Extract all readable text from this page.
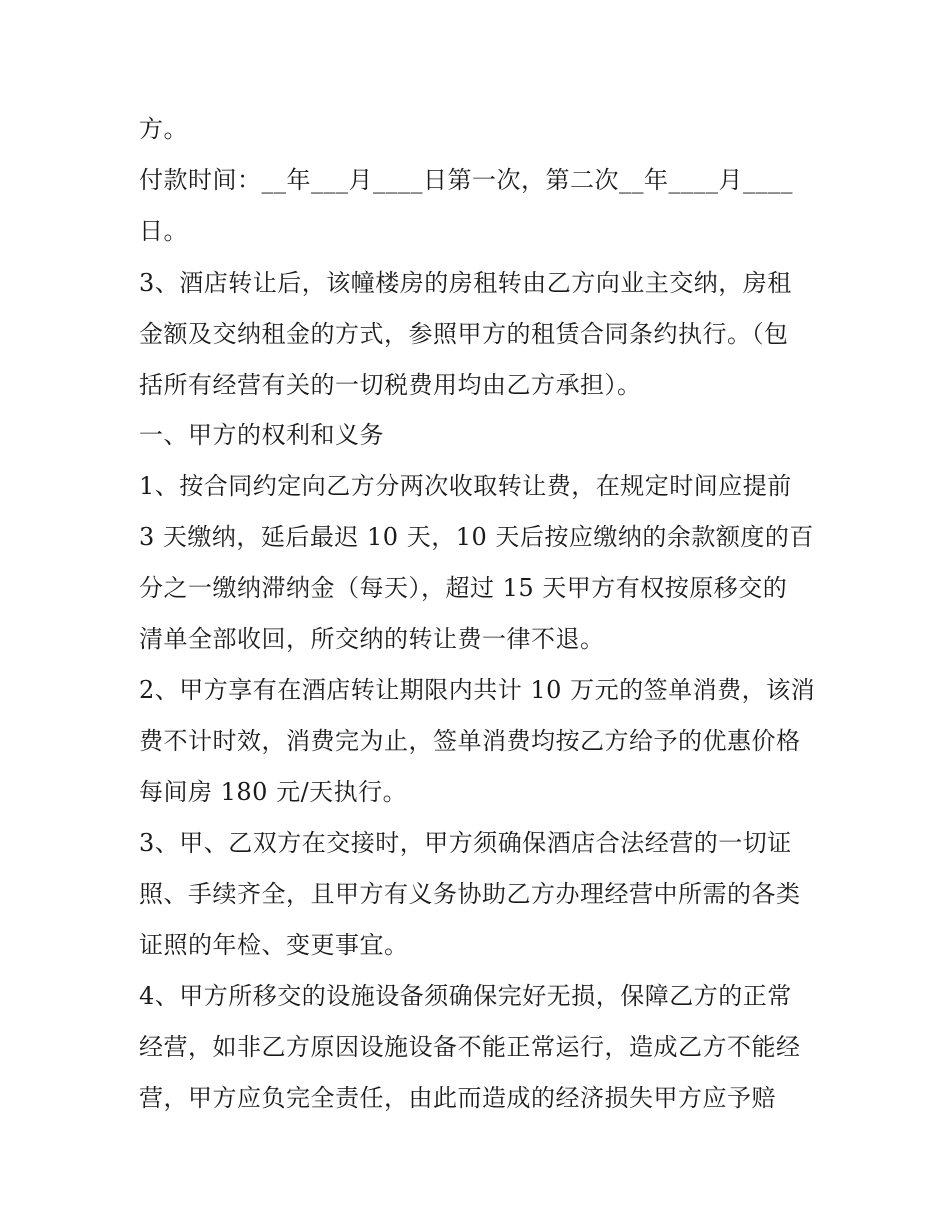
方。
付款时间：__年___月____日第一次，第二次__年____月____
日。
3、酒店转让后，该幢楼房的房租转由乙方向业主交纳，房租
金额及交纳租金的方式，参照甲方的租赁合同条约执行。（包
括所有经营有关的一切税费用均由乙方承担）。
一、甲方的权利和义务
1、按合同约定向乙方分两次收取转让费，在规定时间应提前
3 天缴纳，延后最迟 10 天，10 天后按应缴纳的余款额度的百
分之一缴纳滞纳金（每天），超过 15 天甲方有权按原移交的
清单全部收回，所交纳的转让费一律不退。
2、甲方享有在酒店转让期限内共计 10 万元的签单消费，该消
费不计时效，消费完为止，签单消费均按乙方给予的优惠价格
每间房 180 元/天执行。
3、甲、乙双方在交接时，甲方须确保酒店合法经营的一切证
照、手续齐全，且甲方有义务协助乙方办理经营中所需的各类
证照的年检、变更事宜。
4、甲方所移交的设施设备须确保完好无损，保障乙方的正常
经营，如非乙方原因设施设备不能正常运行，造成乙方不能经
营，甲方应负完全责任，由此而造成的经济损失甲方应予赔
